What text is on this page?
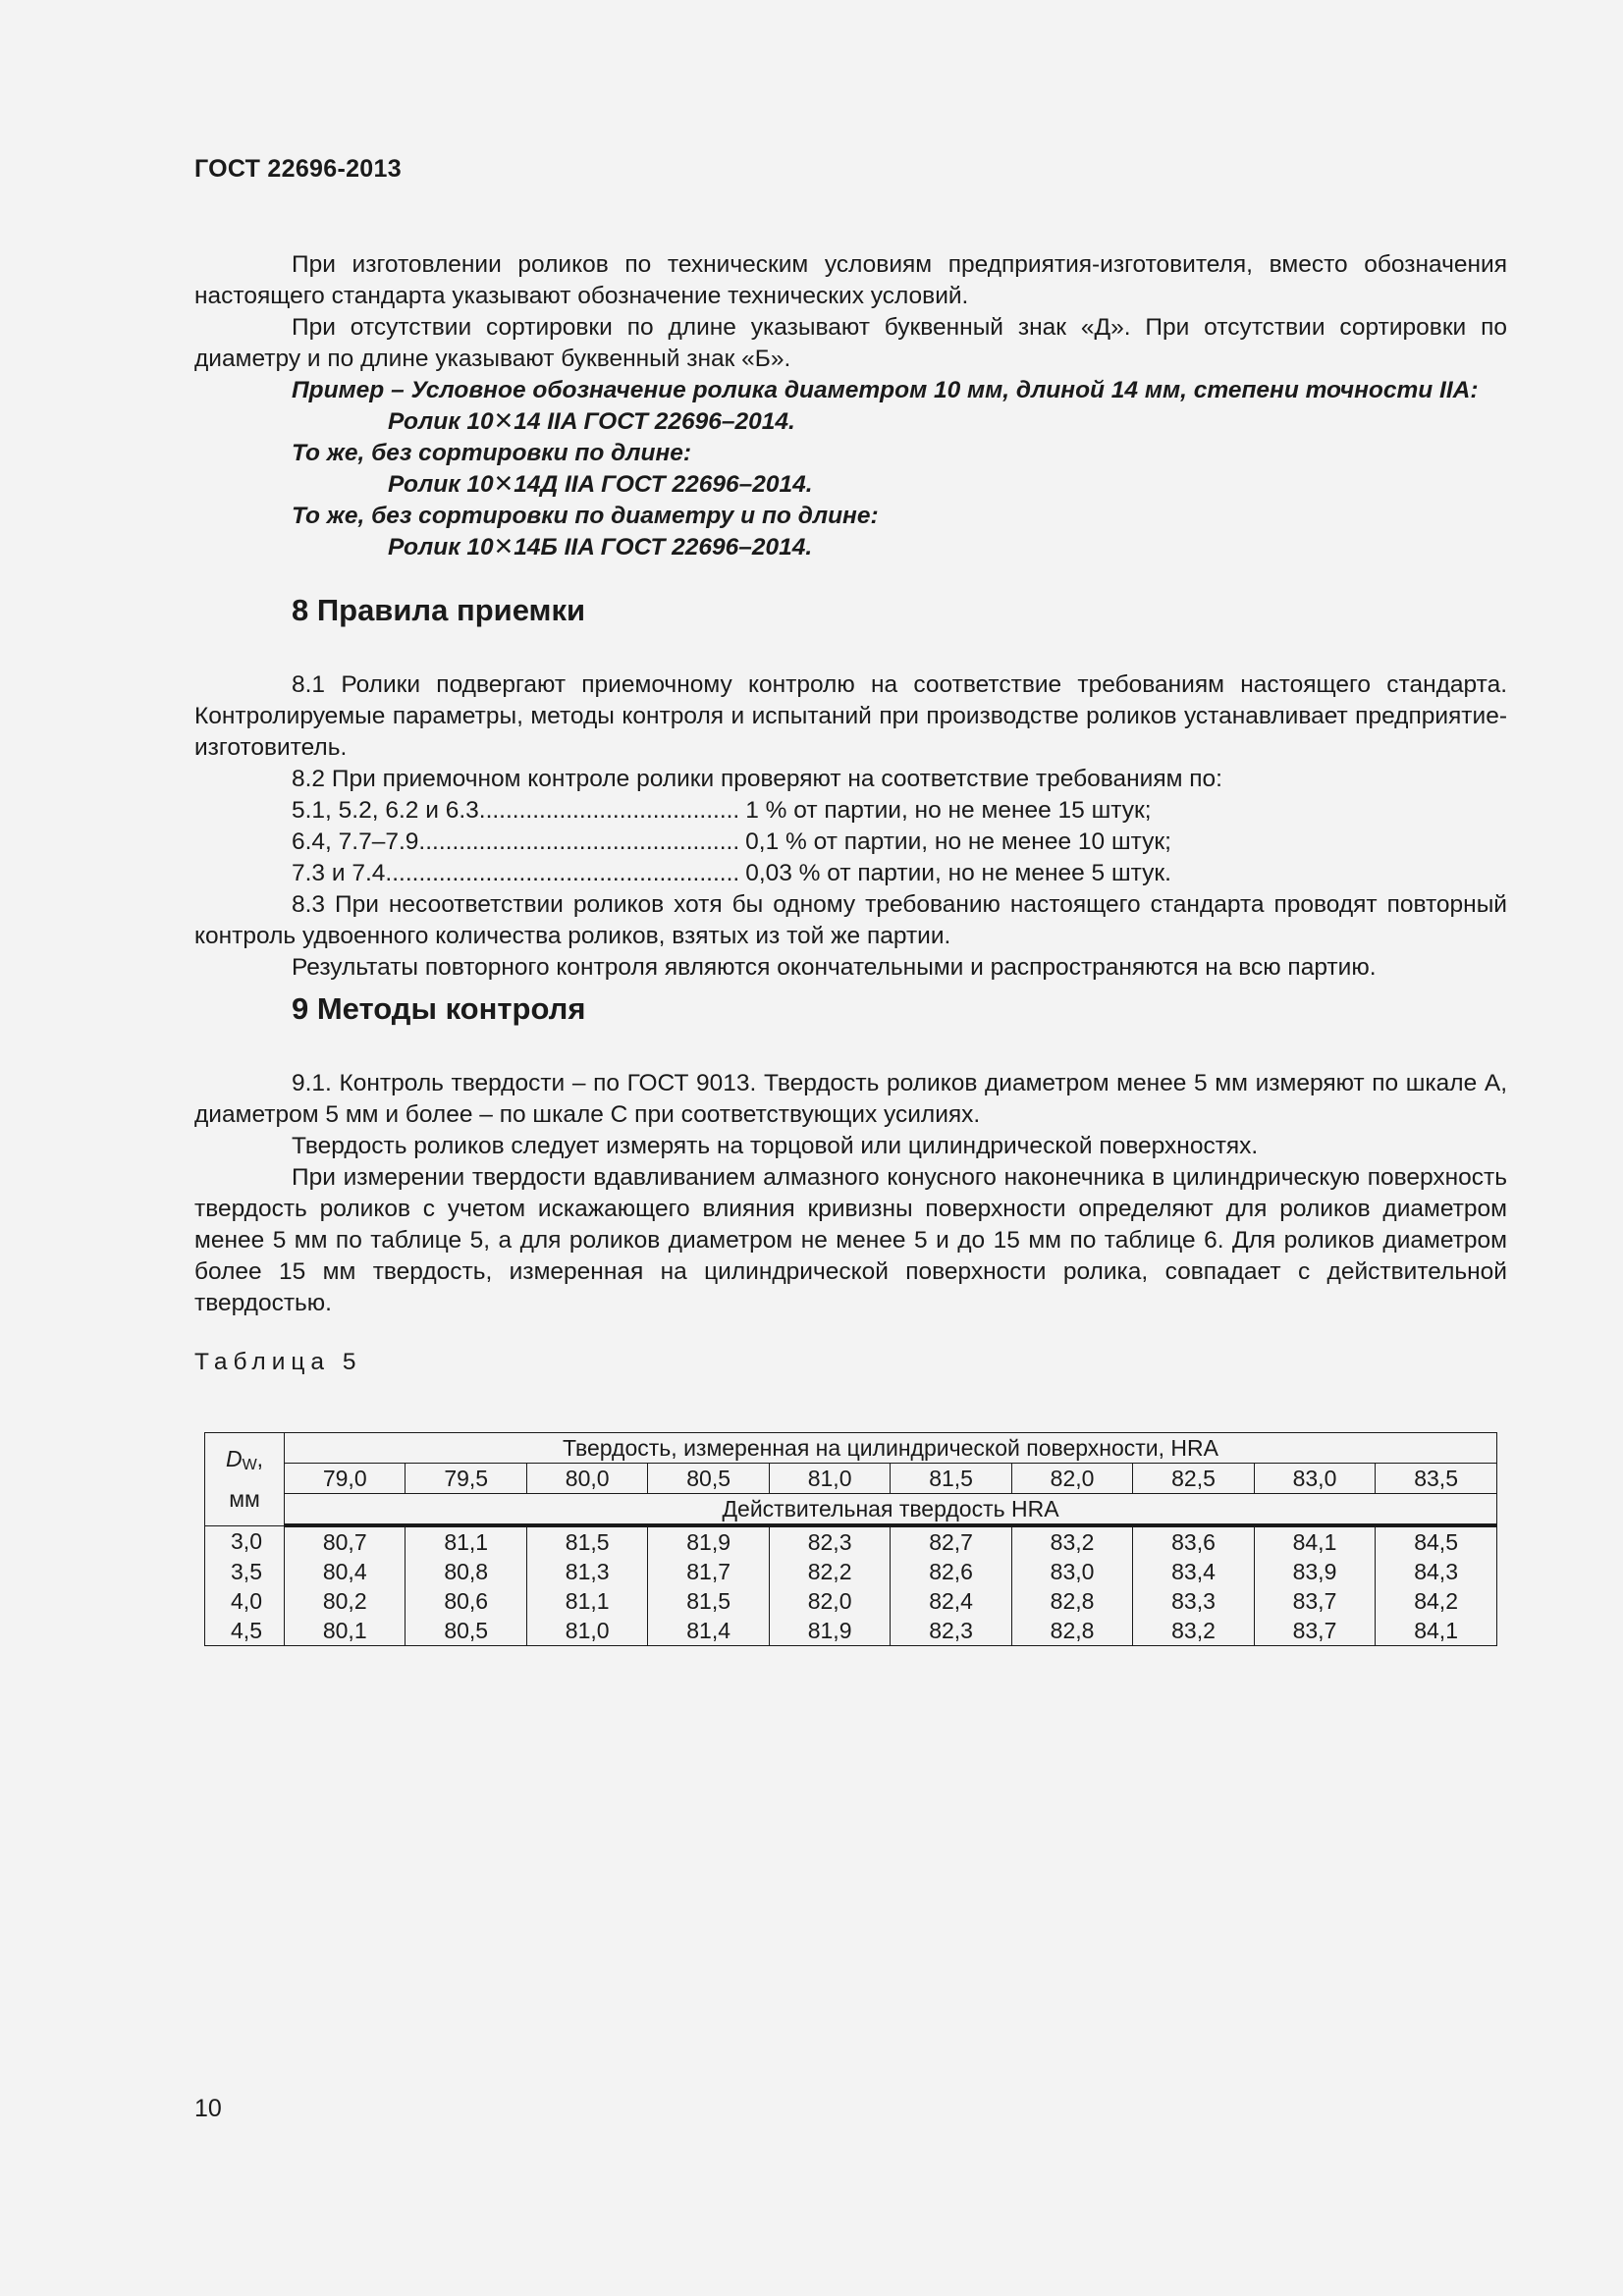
ГОСТ 22696-2013

При изготовлении роликов по техническим условиям предприятия-изготовителя, вместо обозначения настоящего стандарта указывают обозначение технических условий.

При отсутствии сортировки по длине указывают буквенный знак «Д». При отсутствии сортировки по диаметру и по длине указывают буквенный знак «Б».

Пример – Условное обозначение ролика диаметром 10 мм, длиной 14 мм, степени точности IIA:

Ролик 10✕14 IIA ГОСТ 22696–2014.

То же, без сортировки по длине:

Ролик 10✕14Д IIA ГОСТ 22696–2014.

То же, без сортировки по диаметру и по длине:

Ролик 10✕14Б IIA ГОСТ 22696–2014.

8 Правила приемки

8.1 Ролики подвергают приемочному контролю на соответствие требованиям настоящего стандарта. Контролируемые параметры, методы контроля и испытаний при производстве роликов устанавливает предприятие-изготовитель.

8.2 При приемочном контроле ролики проверяют на соответствие требованиям по:

5.1, 5.2, 6.2 и 6.3 ....................................... 1 % от партии, но не менее 15 штук;
6.4, 7.7–7.9 ................................................ 0,1 % от партии, но не менее 10 штук;
7.3 и 7.4 ..................................................... 0,03 % от партии, но не менее 5 штук.

8.3 При несоответствии роликов хотя бы одному требованию настоящего стандарта проводят повторный контроль удвоенного количества роликов, взятых из той же партии.

Результаты повторного контроля являются окончательными и распространяются на всю партию.

9 Методы контроля

9.1. Контроль твердости – по ГОСТ 9013. Твердость роликов диаметром менее 5 мм измеряют по шкале А, диаметром 5 мм и более – по шкале С при соответствующих усилиях.

Твердость роликов следует измерять на торцовой или цилиндрической поверхностях.

При измерении твердости вдавливанием алмазного конусного наконечника в цилиндрическую поверхность твердость роликов с учетом искажающего влияния кривизны поверхности определяют для роликов диаметром менее 5 мм по таблице 5, а для роликов диаметром не менее 5 и до 15 мм по таблице 6. Для роликов диаметром более 15 мм твердость, измеренная на цилиндрической поверхности ролика, совпадает с действительной твердостью.

Таблица 5

DW,
мм	Твердость, измеренная на цилиндрической поверхности, HRA									
	79,0	79,5	80,0	80,5	81,0	81,5	82,0	82,5	83,0	83,5
	Действительная твердость HRA									
3,0	80,7	81,1	81,5	81,9	82,3	82,7	83,2	83,6	84,1	84,5
3,5	80,4	80,8	81,3	81,7	82,2	82,6	83,0	83,4	83,9	84,3
4,0	80,2	80,6	81,1	81,5	82,0	82,4	82,8	83,3	83,7	84,2
4,5	80,1	80,5	81,0	81,4	81,9	82,3	82,8	83,2	83,7	84,1
10
